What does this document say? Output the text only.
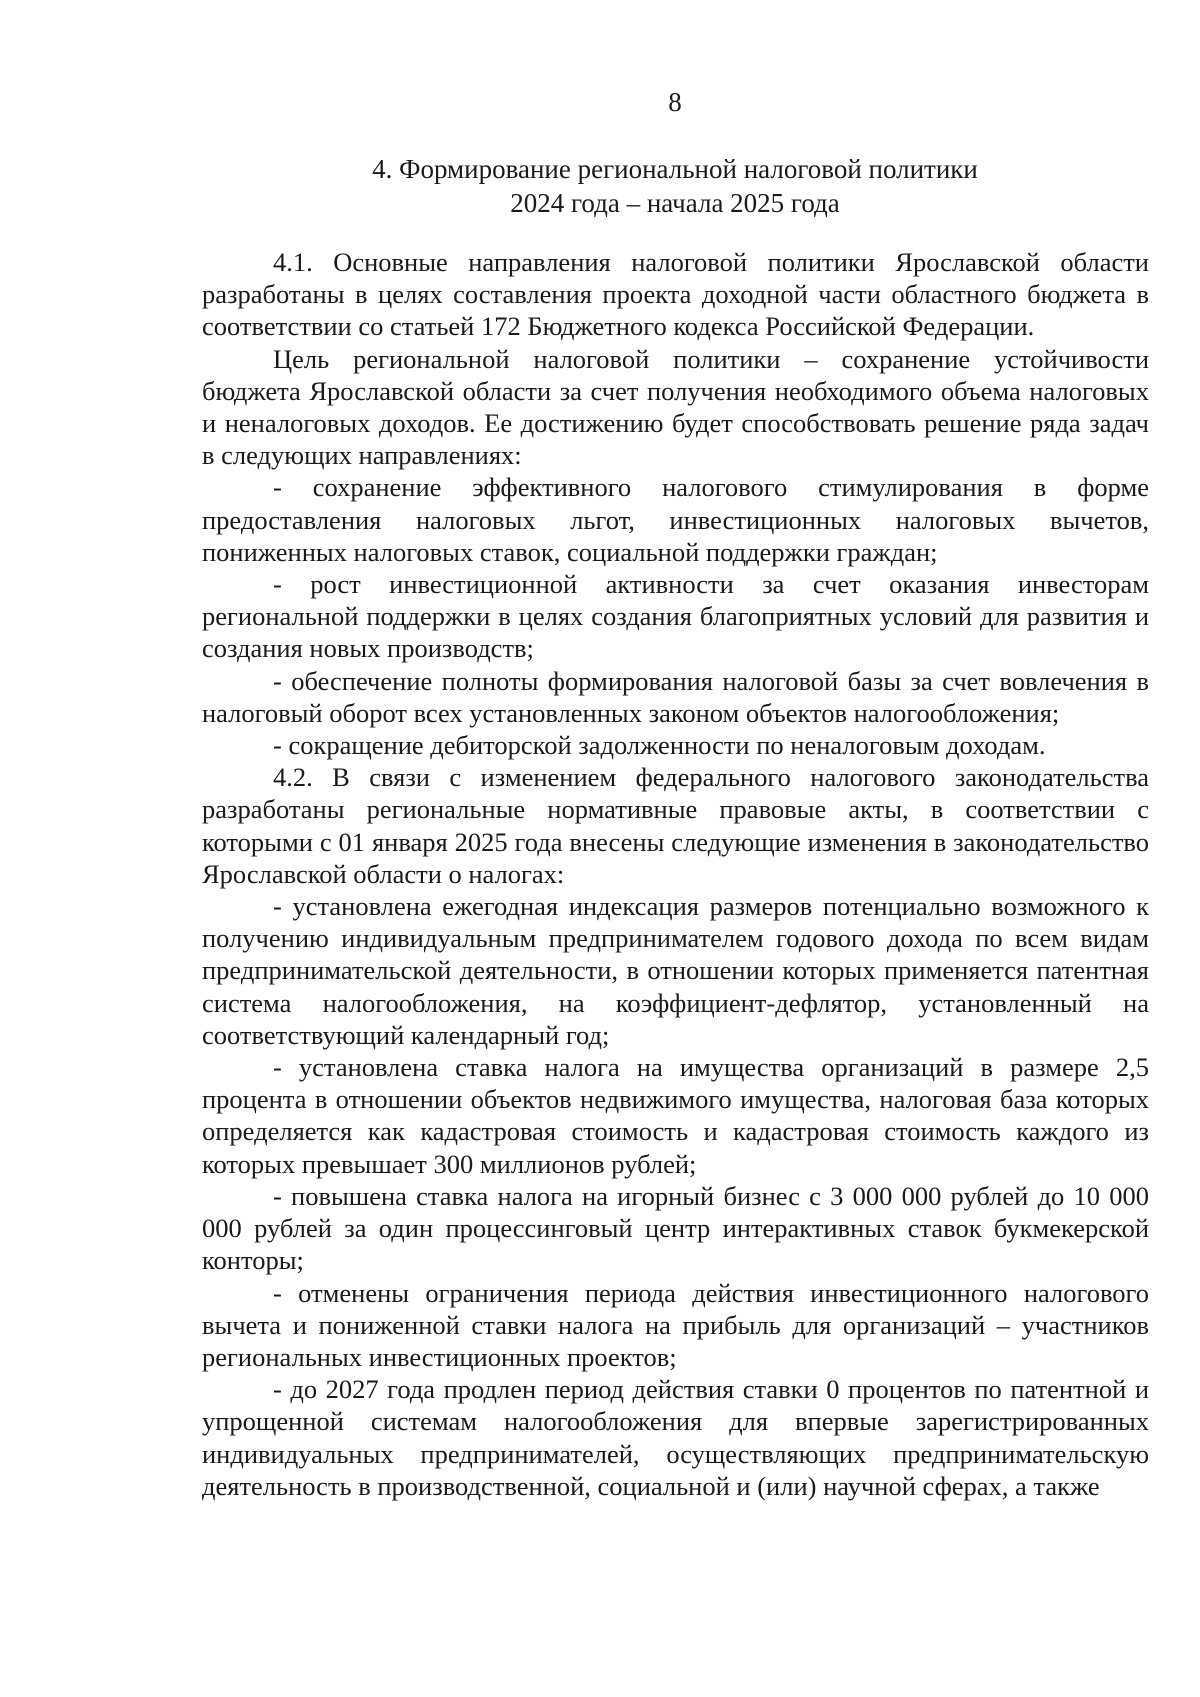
8
4. Формирование региональной налоговой политики
2024 года – начала 2025 года

4.1. Основные направления налоговой политики Ярославской области разработаны в целях составления проекта доходной части областного бюджета в соответствии со статьей 172 Бюджетного кодекса Российской Федерации.

Цель региональной налоговой политики – сохранение устойчивости бюджета Ярославской области за счет получения необходимого объема налоговых и неналоговых доходов. Ее достижению будет способствовать решение ряда задач в следующих направлениях:

- сохранение эффективного налогового стимулирования в форме предоставления налоговых льгот, инвестиционных налоговых вычетов, пониженных налоговых ставок, социальной поддержки граждан;

- рост инвестиционной активности за счет оказания инвесторам региональной поддержки в целях создания благоприятных условий для развития и создания новых производств;

- обеспечение полноты формирования налоговой базы за счет вовлечения в налоговый оборот всех установленных законом объектов налогообложения;

- сокращение дебиторской задолженности по неналоговым доходам.

4.2. В связи с изменением федерального налогового законодательства разработаны региональные нормативные правовые акты, в соответствии с которыми с 01 января 2025 года внесены следующие изменения в законодательство Ярославской области о налогах:

- установлена ежегодная индексация размеров потенциально возможного к получению индивидуальным предпринимателем годового дохода по всем видам предпринимательской деятельности, в отношении которых применяется патентная система налогообложения, на коэффициент-дефлятор, установленный на соответствующий календарный год;

- установлена ставка налога на имущества организаций в размере 2,5 процента в отношении объектов недвижимого имущества, налоговая база которых определяется как кадастровая стоимость и кадастровая стоимость каждого из которых превышает 300 миллионов рублей;

- повышена ставка налога на игорный бизнес с 3 000 000 рублей до 10 000 000 рублей за один процессинговый центр интерактивных ставок букмекерской конторы;

- отменены ограничения периода действия инвестиционного налогового вычета и пониженной ставки налога на прибыль для организаций – участников региональных инвестиционных проектов;

- до 2027 года продлен период действия ставки 0 процентов по патентной и упрощенной системам налогообложения для впервые зарегистрированных индивидуальных предпринимателей, осуществляющих предпринимательскую деятельность в производственной, социальной и (или) научной сферах, а также
